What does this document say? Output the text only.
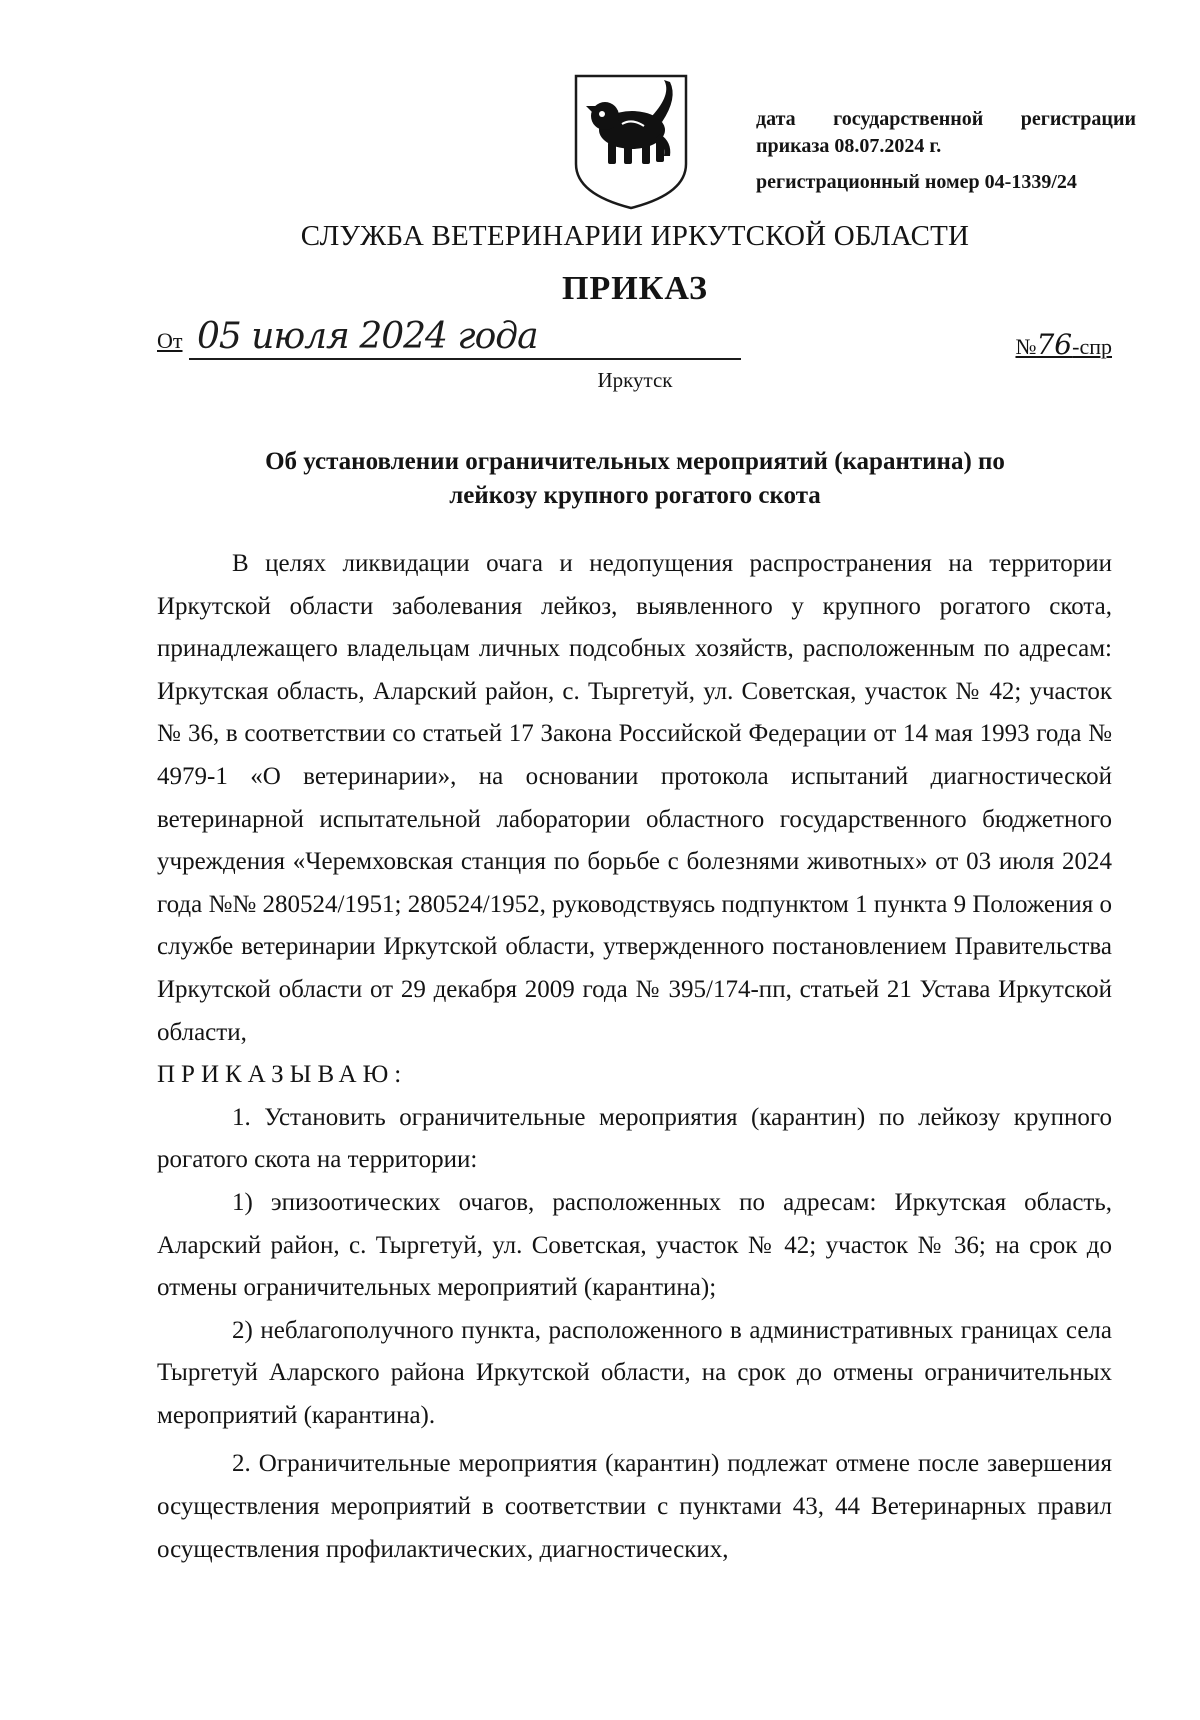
дата государственной регистрации
приказа 08.07.2024 г.
регистрационный номер 04-1339/24
СЛУЖБА ВЕТЕРИНАРИИ ИРКУТСКОЙ ОБЛАСТИ
ПРИКАЗ
От 05 июля 2024 года	№76-спр
Иркутск
Об установлении ограничительных мероприятий (карантина) по
лейкозу крупного рогатого скота

В целях ликвидации очага и недопущения распространения на территории Иркутской области заболевания лейкоз, выявленного у крупного рогатого скота, принадлежащего владельцам личных подсобных хозяйств, расположенным по адресам: Иркутская область, Аларский район, с. Тыргетуй, ул. Советская, участок № 42; участок № 36, в соответствии со статьей 17 Закона Российской Федерации от 14 мая 1993 года № 4979-1 «О ветеринарии», на основании протокола испытаний диагностической ветеринарной испытательной лаборатории областного государственного бюджетного учреждения «Черемховская станция по борьбе с болезнями животных» от 03 июля 2024 года №№ 280524/1951; 280524/1952, руководствуясь подпунктом 1 пункта 9 Положения о службе ветеринарии Иркутской области, утвержденного постановлением Правительства Иркутской области от 29 декабря 2009 года № 395/174-пп, статьей 21 Устава Иркутской области,

ПРИКАЗЫВАЮ:

1. Установить ограничительные мероприятия (карантин) по лейкозу крупного рогатого скота на территории:

1) эпизоотических очагов, расположенных по адресам: Иркутская область, Аларский район, с. Тыргетуй, ул. Советская, участок № 42; участок № 36; на срок до отмены ограничительных мероприятий (карантина);

2) неблагополучного пункта, расположенного в административных границах села Тыргетуй Аларского района Иркутской области, на срок до отмены ограничительных мероприятий (карантина).

2. Ограничительные мероприятия (карантин) подлежат отмене после завершения осуществления мероприятий в соответствии с пунктами 43, 44 Ветеринарных правил осуществления профилактических, диагностических,
